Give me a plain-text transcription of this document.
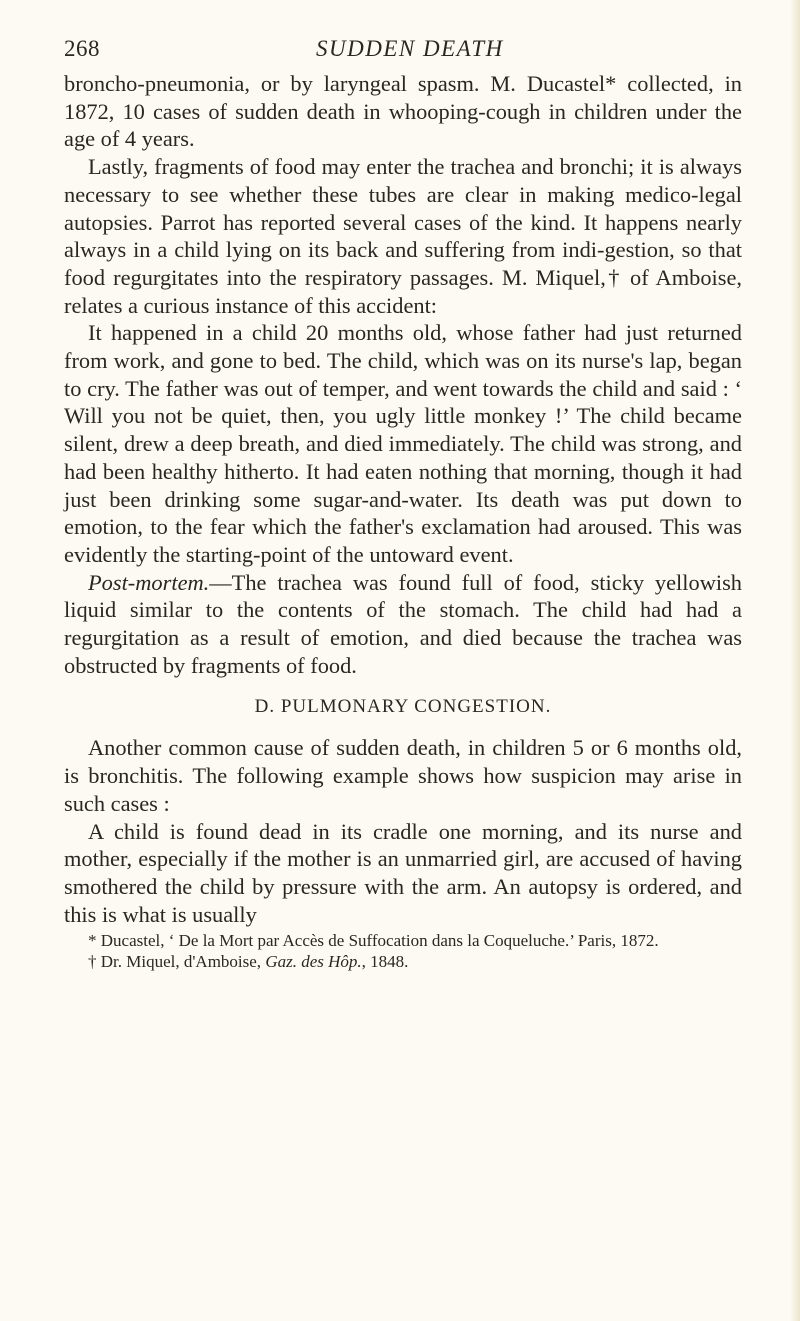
268	SUDDEN DEATH

broncho-pneumonia, or by laryngeal spasm. M. Ducastel* collected, in 1872, 10 cases of sudden death in whooping-cough in children under the age of 4 years.

Lastly, fragments of food may enter the trachea and bronchi; it is always necessary to see whether these tubes are clear in making medico-legal autopsies. Parrot has reported several cases of the kind. It happens nearly always in a child lying on its back and suffering from indi-gestion, so that food regurgitates into the respiratory passages. M. Miquel,† of Amboise, relates a curious instance of this accident:

It happened in a child 20 months old, whose father had just returned from work, and gone to bed. The child, which was on its nurse's lap, began to cry. The father was out of temper, and went towards the child and said : ‘ Will you not be quiet, then, you ugly little monkey !’ The child became silent, drew a deep breath, and died immediately. The child was strong, and had been healthy hitherto. It had eaten nothing that morning, though it had just been drinking some sugar-and-water. Its death was put down to emotion, to the fear which the father's exclamation had aroused. This was evidently the starting-point of the untoward event.

Post-mortem.—The trachea was found full of food, sticky yellowish liquid similar to the contents of the stomach. The child had had a regurgitation as a result of emotion, and died because the trachea was obstructed by fragments of food.

D. PULMONARY CONGESTION.

Another common cause of sudden death, in children 5 or 6 months old, is bronchitis. The following example shows how suspicion may arise in such cases :

A child is found dead in its cradle one morning, and its nurse and mother, especially if the mother is an unmarried girl, are accused of having smothered the child by pressure with the arm. An autopsy is ordered, and this is what is usually

* Ducastel, ‘ De la Mort par Accès de Suffocation dans la Coqueluche.’ Paris, 1872.

† Dr. Miquel, d'Amboise, Gaz. des Hôp., 1848.
